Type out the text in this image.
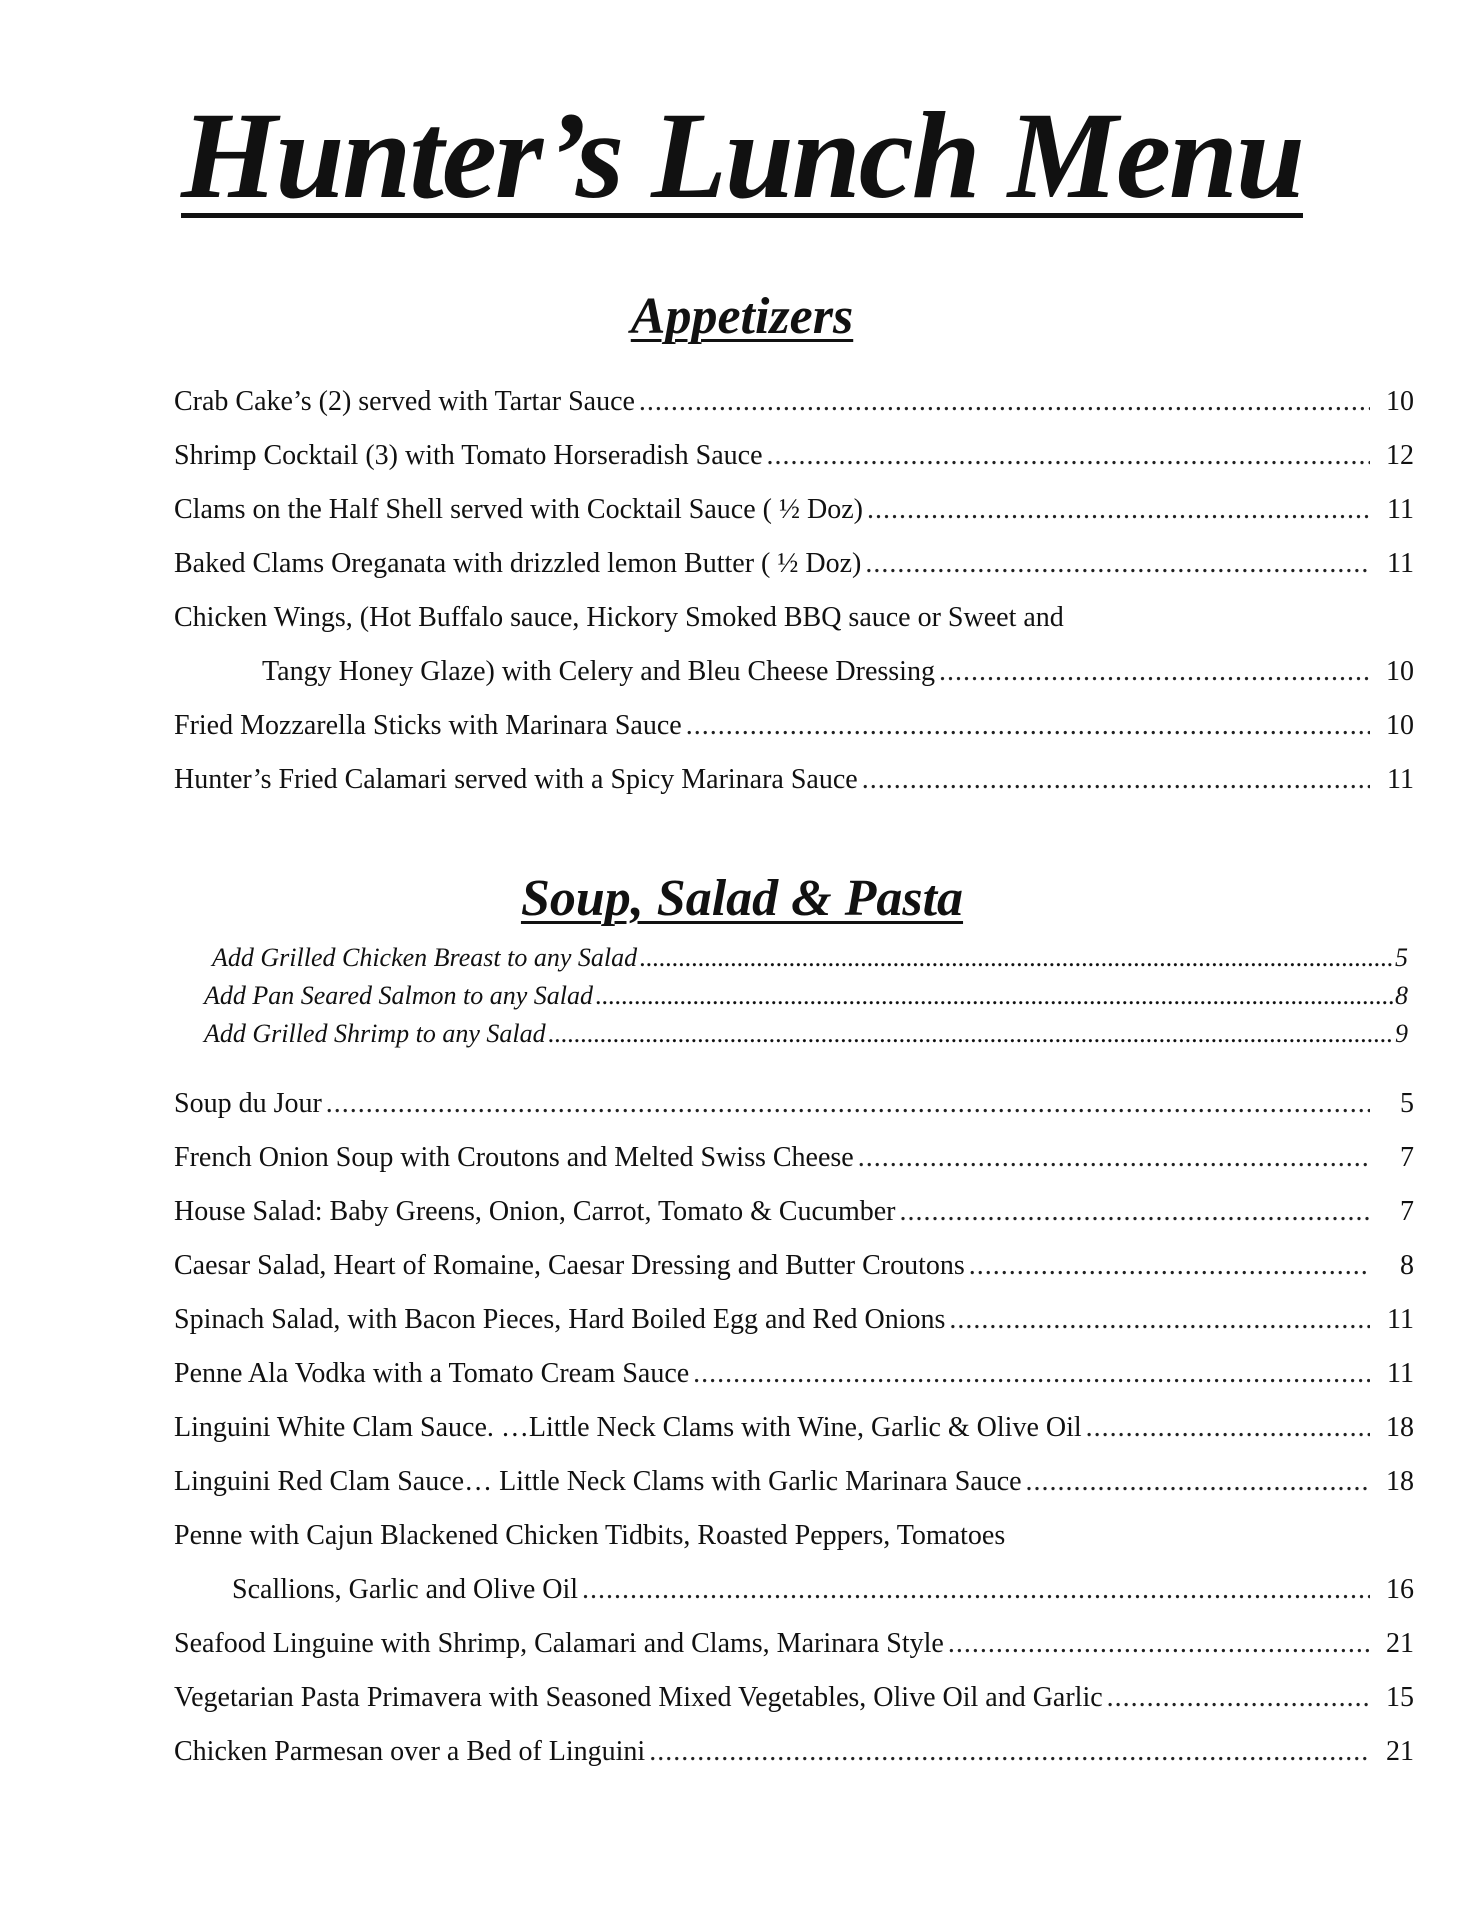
Hunter’s Lunch Menu
Appetizers
Crab Cake’s (2) served with Tartar Sauce .....	10
Shrimp Cocktail (3) with Tomato Horseradish Sauce .....	12
Clams on the Half Shell served with Cocktail Sauce ( ½ Doz) .....	11
Baked Clams Oreganata with drizzled lemon Butter ( ½ Doz) .....	11
Chicken Wings, (Hot Buffalo sauce, Hickory Smoked BBQ sauce or Sweet and
Tangy Honey Glaze) with Celery and Bleu Cheese Dressing .....	10
Fried Mozzarella Sticks with Marinara Sauce .....	10
Hunter’s Fried Calamari served with a Spicy Marinara Sauce .....	11
Soup, Salad & Pasta
Add Grilled Chicken Breast to any Salad .....	5
Add Pan Seared Salmon to any Salad .....	8
Add Grilled Shrimp to any Salad .....	9
Soup du Jour .....	5
French Onion Soup with Croutons and Melted Swiss Cheese .....	7
House Salad: Baby Greens, Onion, Carrot, Tomato & Cucumber .....	7
Caesar Salad, Heart of Romaine, Caesar Dressing and Butter Croutons .....	8
Spinach Salad, with Bacon Pieces, Hard Boiled Egg and Red Onions .....	11
Penne Ala Vodka with a Tomato Cream Sauce .....	11
Linguini White Clam Sauce. …Little Neck Clams with Wine, Garlic & Olive Oil .....	18
Linguini Red Clam Sauce… Little Neck Clams with Garlic Marinara Sauce .....	18
Penne with Cajun Blackened Chicken Tidbits, Roasted Peppers, Tomatoes
Scallions, Garlic and Olive Oil .....	16
Seafood Linguine with Shrimp, Calamari and Clams, Marinara Style .....	21
Vegetarian Pasta Primavera with Seasoned Mixed Vegetables, Olive Oil and Garlic .....	15
Chicken Parmesan over a Bed of Linguini .....	21
